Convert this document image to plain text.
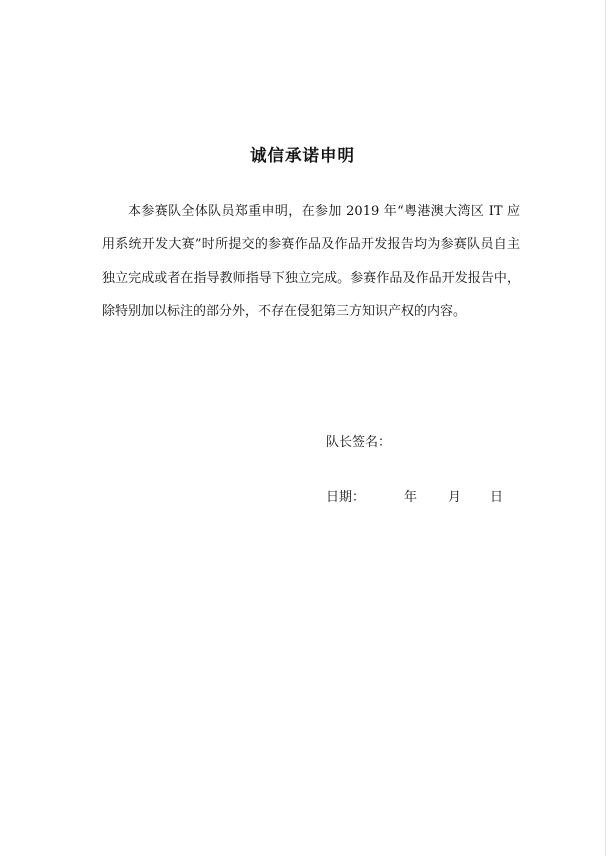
诚信承诺申明

本参赛队全体队员郑重申明，在参加 2019 年“粤港澳大湾区 IT 应用系统开发大赛”时所提交的参赛作品及作品开发报告均为参赛队员自主独立完成或者在指导教师指导下独立完成。参赛作品及作品开发报告中，除特别加以标注的部分外，不存在侵犯第三方知识产权的内容。

队长签名：
日期：	年 月 日
